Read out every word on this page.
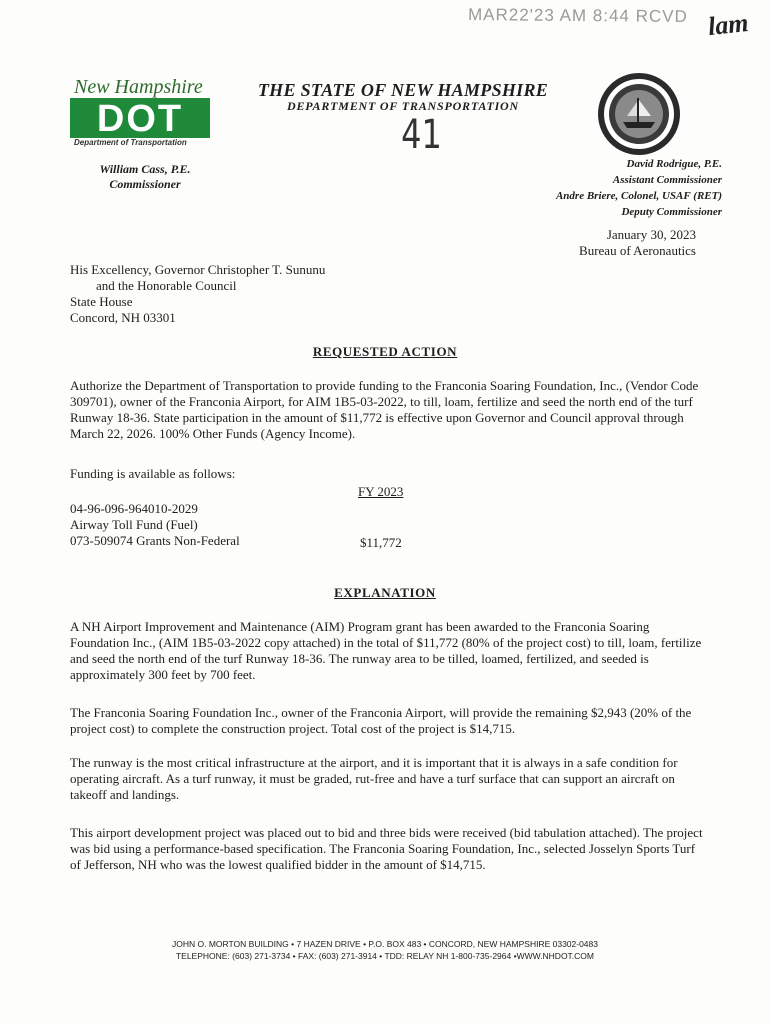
MAR22'23 AM 8:44 RCVD lam
New Hampshire
DOT
Department of Transportation
William Cass, P.E.
Commissioner
THE STATE OF NEW HAMPSHIRE
DEPARTMENT OF TRANSPORTATION
41
David Rodrigue, P.E.
Assistant Commissioner
Andre Briere, Colonel, USAF (RET)
Deputy Commissioner
January 30, 2023
Bureau of Aeronautics
His Excellency, Governor Christopher T. Sununu
and the Honorable Council
State House
Concord, NH 03301
REQUESTED ACTION

Authorize the Department of Transportation to provide funding to the Franconia Soaring Foundation, Inc., (Vendor Code 309701), owner of the Franconia Airport, for AIM 1B5-03-2022, to till, loam, fertilize and seed the north end of the turf Runway 18-36. State participation in the amount of $11,772 is effective upon Governor and Council approval through March 22, 2026. 100% Other Funds (Agency Income).

Funding is available as follows:
FY 2023
04-96-096-964010-2029
Airway Toll Fund (Fuel)
073-509074 Grants Non-Federal	$11,772
EXPLANATION
A NH Airport Improvement and Maintenance (AIM) Program grant has been awarded to the Franconia Soaring Foundation Inc., (AIM 1B5-03-2022 copy attached) in the total of $11,772 (80% of the project cost) to till, loam, fertilize and seed the north end of the turf Runway 18-36. The runway area to be tilled, loamed, fertilized, and seeded is approximately 300 feet by 700 feet.
The Franconia Soaring Foundation Inc., owner of the Franconia Airport, will provide the remaining $2,943 (20% of the project cost) to complete the construction project. Total cost of the project is $14,715.
The runway is the most critical infrastructure at the airport, and it is important that it is always in a safe condition for operating aircraft. As a turf runway, it must be graded, rut-free and have a turf surface that can support an aircraft on takeoff and landings.
This airport development project was placed out to bid and three bids were received (bid tabulation attached). The project was bid using a performance-based specification. The Franconia Soaring Foundation, Inc., selected Josselyn Sports Turf of Jefferson, NH who was the lowest qualified bidder in the amount of $14,715.
JOHN O. MORTON BUILDING • 7 HAZEN DRIVE • P.O. BOX 483 • CONCORD, NEW HAMPSHIRE 03302-0483
TELEPHONE: (603) 271-3734 • FAX: (603) 271-3914 • TDD: RELAY NH 1-800-735-2964 •WWW.NHDOT.COM
